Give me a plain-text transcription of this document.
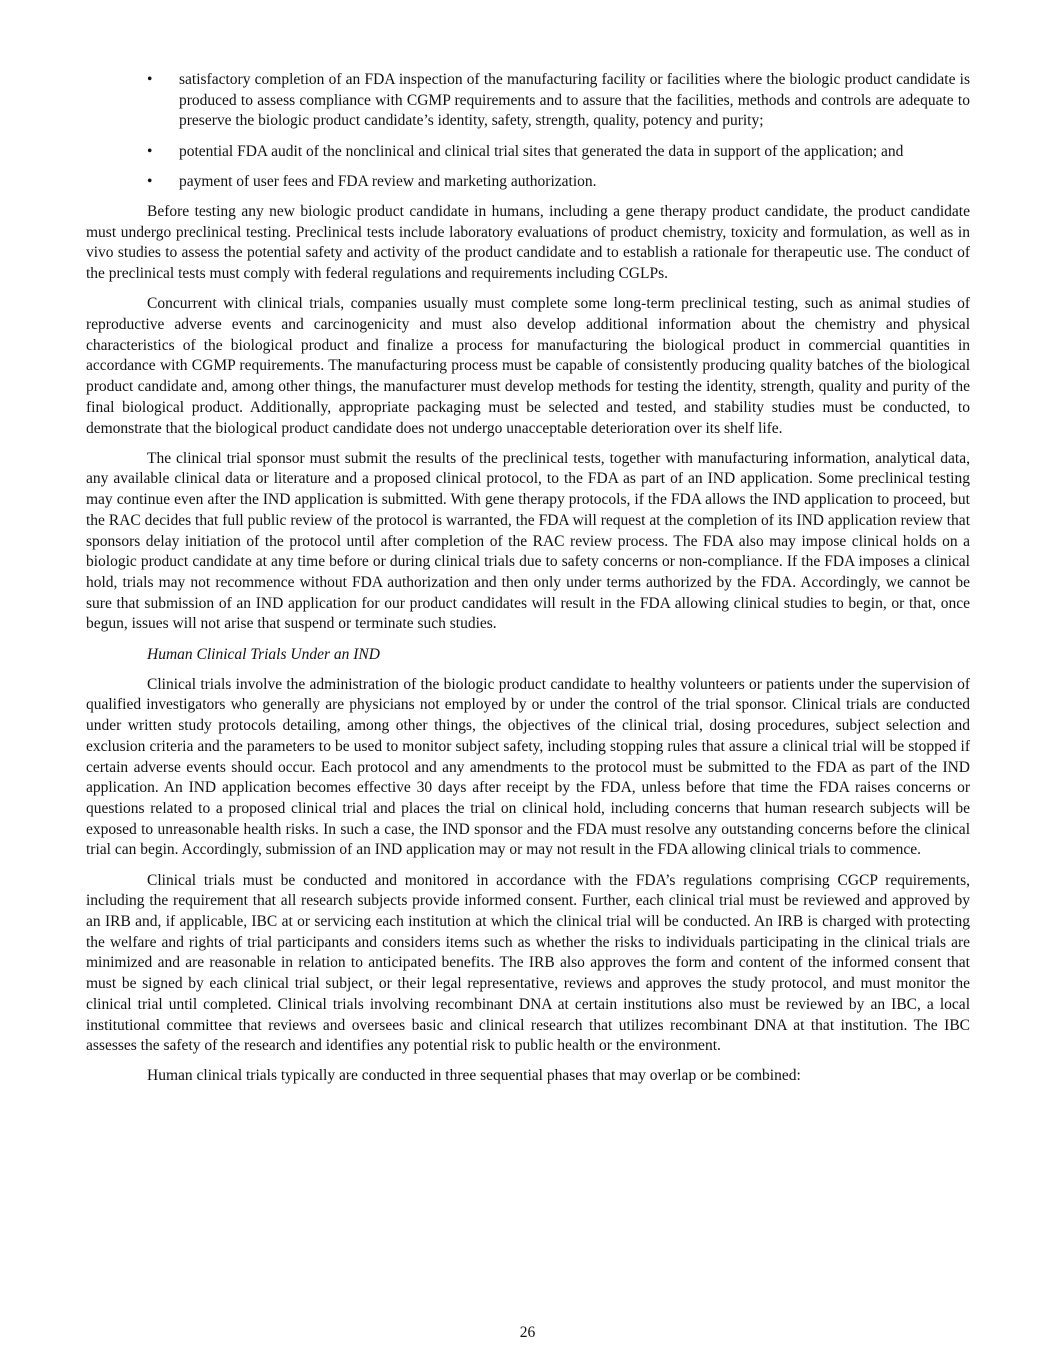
• satisfactory completion of an FDA inspection of the manufacturing facility or facilities where the biologic product candidate is produced to assess compliance with CGMP requirements and to assure that the facilities, methods and controls are adequate to preserve the biologic product candidate’s identity, safety, strength, quality, potency and purity;
• potential FDA audit of the nonclinical and clinical trial sites that generated the data in support of the application; and
• payment of user fees and FDA review and marketing authorization.

Before testing any new biologic product candidate in humans, including a gene therapy product candidate, the product candidate must undergo preclinical testing. Preclinical tests include laboratory evaluations of product chemistry, toxicity and formulation, as well as in vivo studies to assess the potential safety and activity of the product candidate and to establish a rationale for therapeutic use. The conduct of the preclinical tests must comply with federal regulations and requirements including CGLPs.

Concurrent with clinical trials, companies usually must complete some long-term preclinical testing, such as animal studies of reproductive adverse events and carcinogenicity and must also develop additional information about the chemistry and physical characteristics of the biological product and finalize a process for manufacturing the biological product in commercial quantities in accordance with CGMP requirements. The manufacturing process must be capable of consistently producing quality batches of the biological product candidate and, among other things, the manufacturer must develop methods for testing the identity, strength, quality and purity of the final biological product. Additionally, appropriate packaging must be selected and tested, and stability studies must be conducted, to demonstrate that the biological product candidate does not undergo unacceptable deterioration over its shelf life.

The clinical trial sponsor must submit the results of the preclinical tests, together with manufacturing information, analytical data, any available clinical data or literature and a proposed clinical protocol, to the FDA as part of an IND application. Some preclinical testing may continue even after the IND application is submitted. With gene therapy protocols, if the FDA allows the IND application to proceed, but the RAC decides that full public review of the protocol is warranted, the FDA will request at the completion of its IND application review that sponsors delay initiation of the protocol until after completion of the RAC review process. The FDA also may impose clinical holds on a biologic product candidate at any time before or during clinical trials due to safety concerns or non-compliance. If the FDA imposes a clinical hold, trials may not recommence without FDA authorization and then only under terms authorized by the FDA. Accordingly, we cannot be sure that submission of an IND application for our product candidates will result in the FDA allowing clinical studies to begin, or that, once begun, issues will not arise that suspend or terminate such studies.

Human Clinical Trials Under an IND

Clinical trials involve the administration of the biologic product candidate to healthy volunteers or patients under the supervision of qualified investigators who generally are physicians not employed by or under the control of the trial sponsor. Clinical trials are conducted under written study protocols detailing, among other things, the objectives of the clinical trial, dosing procedures, subject selection and exclusion criteria and the parameters to be used to monitor subject safety, including stopping rules that assure a clinical trial will be stopped if certain adverse events should occur. Each protocol and any amendments to the protocol must be submitted to the FDA as part of the IND application. An IND application becomes effective 30 days after receipt by the FDA, unless before that time the FDA raises concerns or questions related to a proposed clinical trial and places the trial on clinical hold, including concerns that human research subjects will be exposed to unreasonable health risks. In such a case, the IND sponsor and the FDA must resolve any outstanding concerns before the clinical trial can begin. Accordingly, submission of an IND application may or may not result in the FDA allowing clinical trials to commence.

Clinical trials must be conducted and monitored in accordance with the FDA’s regulations comprising CGCP requirements, including the requirement that all research subjects provide informed consent. Further, each clinical trial must be reviewed and approved by an IRB and, if applicable, IBC at or servicing each institution at which the clinical trial will be conducted. An IRB is charged with protecting the welfare and rights of trial participants and considers items such as whether the risks to individuals participating in the clinical trials are minimized and are reasonable in relation to anticipated benefits. The IRB also approves the form and content of the informed consent that must be signed by each clinical trial subject, or their legal representative, reviews and approves the study protocol, and must monitor the clinical trial until completed. Clinical trials involving recombinant DNA at certain institutions also must be reviewed by an IBC, a local institutional committee that reviews and oversees basic and clinical research that utilizes recombinant DNA at that institution. The IBC assesses the safety of the research and identifies any potential risk to public health or the environment.

Human clinical trials typically are conducted in three sequential phases that may overlap or be combined:

26
